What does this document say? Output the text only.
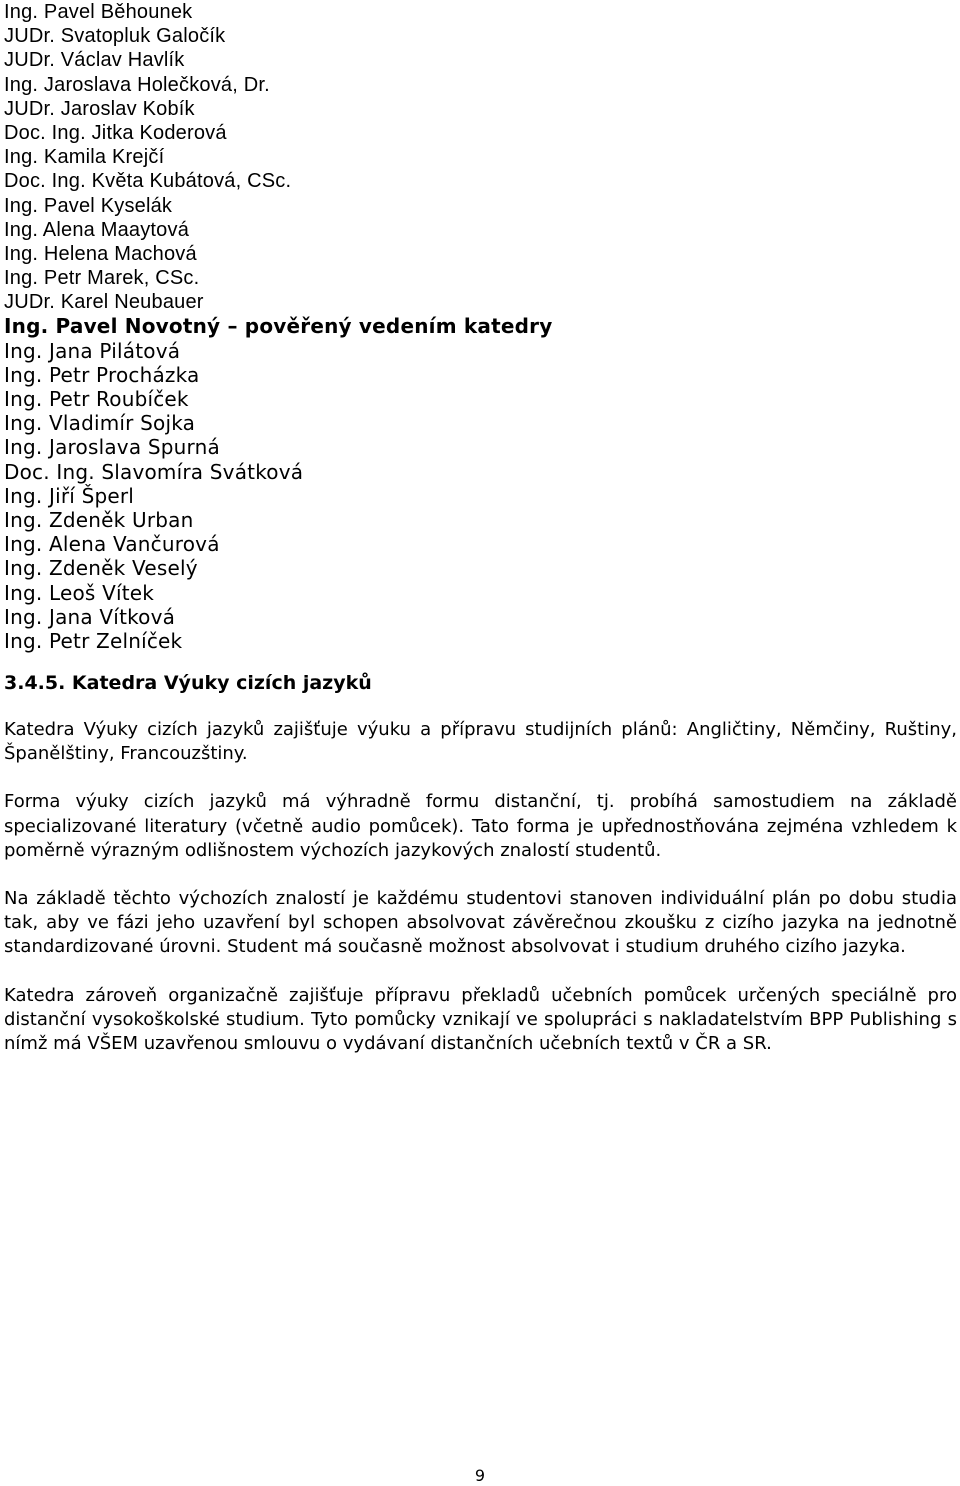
Ing. Pavel Běhounek
JUDr. Svatopluk Galočík
JUDr. Václav Havlík
Ing. Jaroslava Holečková, Dr.
JUDr. Jaroslav Kobík
Doc. Ing. Jitka Koderová
Ing. Kamila Krejčí
Doc. Ing. Květa Kubátová, CSc.
Ing. Pavel Kyselák
Ing. Alena Maaytová
Ing. Helena Machová
Ing. Petr Marek, CSc.
JUDr. Karel Neubauer
Ing. Pavel Novotný – pověřený vedením katedry
Ing. Jana Pilátová
Ing. Petr Procházka
Ing. Petr Roubíček
Ing. Vladimír Sojka
Ing. Jaroslava Spurná
Doc. Ing. Slavomíra Svátková
Ing. Jiří Šperl
Ing. Zdeněk Urban
Ing. Alena Vančurová
Ing. Zdeněk Veselý
Ing. Leoš Vítek
Ing. Jana Vítková
Ing. Petr Zelníček
3.4.5. Katedra Výuky cizích jazyků

Katedra Výuky cizích jazyků zajišťuje výuku a přípravu studijních plánů: Angličtiny, Němčiny, Ruštiny, Španělštiny, Francouzštiny.

Forma výuky cizích jazyků má výhradně formu distanční, tj. probíhá samostudiem na základě specializované literatury (včetně audio pomůcek). Tato forma je upřednostňována zejména vzhledem k poměrně výrazným odlišnostem výchozích jazykových znalostí studentů.

Na základě těchto výchozích znalostí je každému studentovi stanoven individuální plán po dobu studia tak, aby ve fázi jeho uzavření byl schopen absolvovat závěrečnou zkoušku z cizího jazyka na jednotně standardizované úrovni. Student má současně možnost absolvovat i studium druhého cizího jazyka.

Katedra zároveň organizačně zajišťuje přípravu překladů učebních pomůcek určených speciálně pro distanční vysokoškolské studium. Tyto pomůcky vznikají ve spolupráci s nakladatelstvím BPP Publishing s nímž má VŠEM uzavřenou smlouvu o vydávaní distančních učebních textů v ČR a SR.

9
